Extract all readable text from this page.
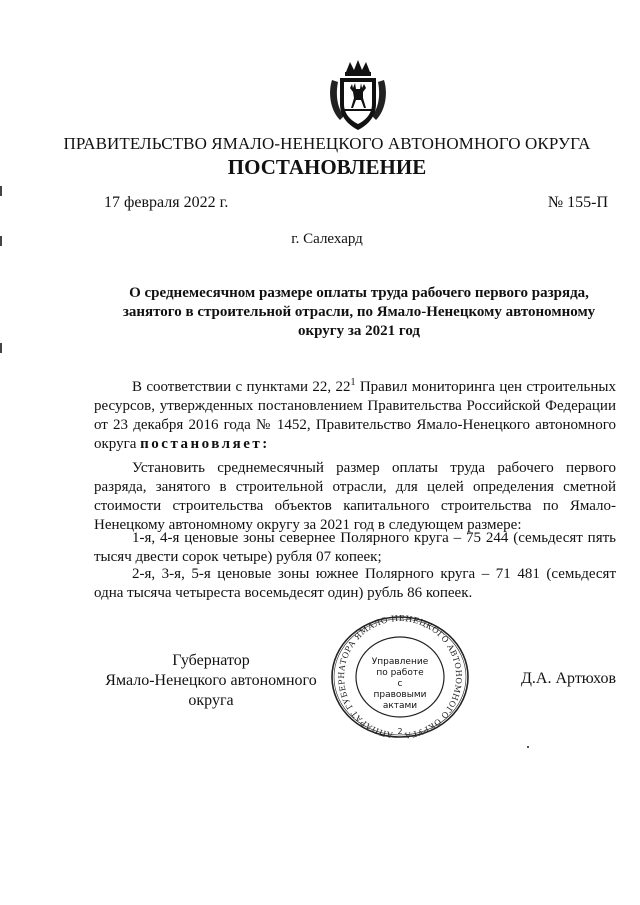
ПРАВИТЕЛЬСТВО ЯМАЛО-НЕНЕЦКОГО АВТОНОМНОГО ОКРУГА
ПОСТАНОВЛЕНИЕ
17 февраля 2022 г.	№ 155-П
г. Салехард
О среднемесячном размере оплаты труда рабочего первого разряда, занятого в строительной отрасли, по Ямало-Ненецкому автономному округу за 2021 год
В соответствии с пунктами 22, $22^1$ Правил мониторинга цен строительных ресурсов, утвержденных постановлением Правительства Российской Федерации от 23 декабря 2016 года № 1452, Правительство Ямало-Ненецкого автономного округа постановляет:
Установить среднемесячный размер оплаты труда рабочего первого разряда, занятого в строительной отрасли, для целей определения сметной стоимости строительства объектов капитального строительства по Ямало-Ненецкому автономному округу за 2021 год в следующем размере:
1-я, 4-я ценовые зоны севернее Полярного круга – 75 244 (семьдесят пять тысяч двести сорок четыре) рубля 07 копеек;
2-я, 3-я, 5-я ценовые зоны южнее Полярного круга – 71 481 (семьдесят одна тысяча четыреста восемьдесят один) рубль 86 копеек.
Губернатор
Ямало-Ненецкого автономного округа
Д.А. Артюхов
АППАРАТ ГУБЕРНАТОРА ЯМАЛО-НЕНЕЦКОГО АВТОНОМНОГО ОКРУГА
2
Управление
по работе
с правовыми
актами
